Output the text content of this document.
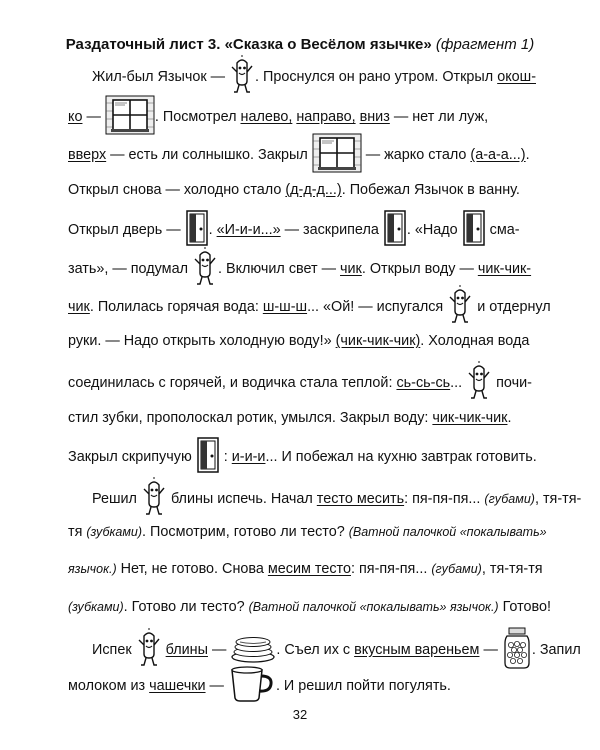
Раздаточный лист 3. «Сказка о Весёлом язычке» (фрагмент 1)
Жил-был Язычок — . Проснулся он рано утром. Открыл окош-
ко —	. Посмотрел налево, направо, вниз — нет ли луж,
вверх — есть ли солнышко. Закрыл	— жарко стало (а-а-а...).
Открыл снова — холодно стало (д-д-д...). Побежал Язычок в ванну.
Открыл дверь — . «И-и-и...» — заскрипела . «Надо  сма-
зать», — подумал . Включил свет — чик. Открыл воду — чик-чик-
чик. Полилась горячая вода: ш-ш-ш... «Ой! — испугался  и отдернул
руки. — Надо открыть холодную воду!» (чик-чик-чик). Холодная вода
соединилась с горячей, и водичка стала теплой: сь-сь-сь...  почи-
стил зубки, прополоскал ротик, умылся. Закрыл воду: чик-чик-чик.
Закрыл скрипучую  : и-и-и... И побежал на кухню завтрак готовить.
Решил  блины испечь. Начал тесто месить: пя-пя-пя... (губами), тя-тя-
тя (зубками). Посмотрим, готово ли тесто? (Ватной палочкой «покалывать»
язычок.) Нет, не готово. Снова месим тесто: пя-пя-пя... (губами), тя-тя-тя
(зубками). Готово ли тесто? (Ватной палочкой «покалывать» язычок.) Готово!
Испек  блины —	. Съел их с вкусным вареньем — . Запил
молоком из чашечки —	. И решил пойти погулять.
32
